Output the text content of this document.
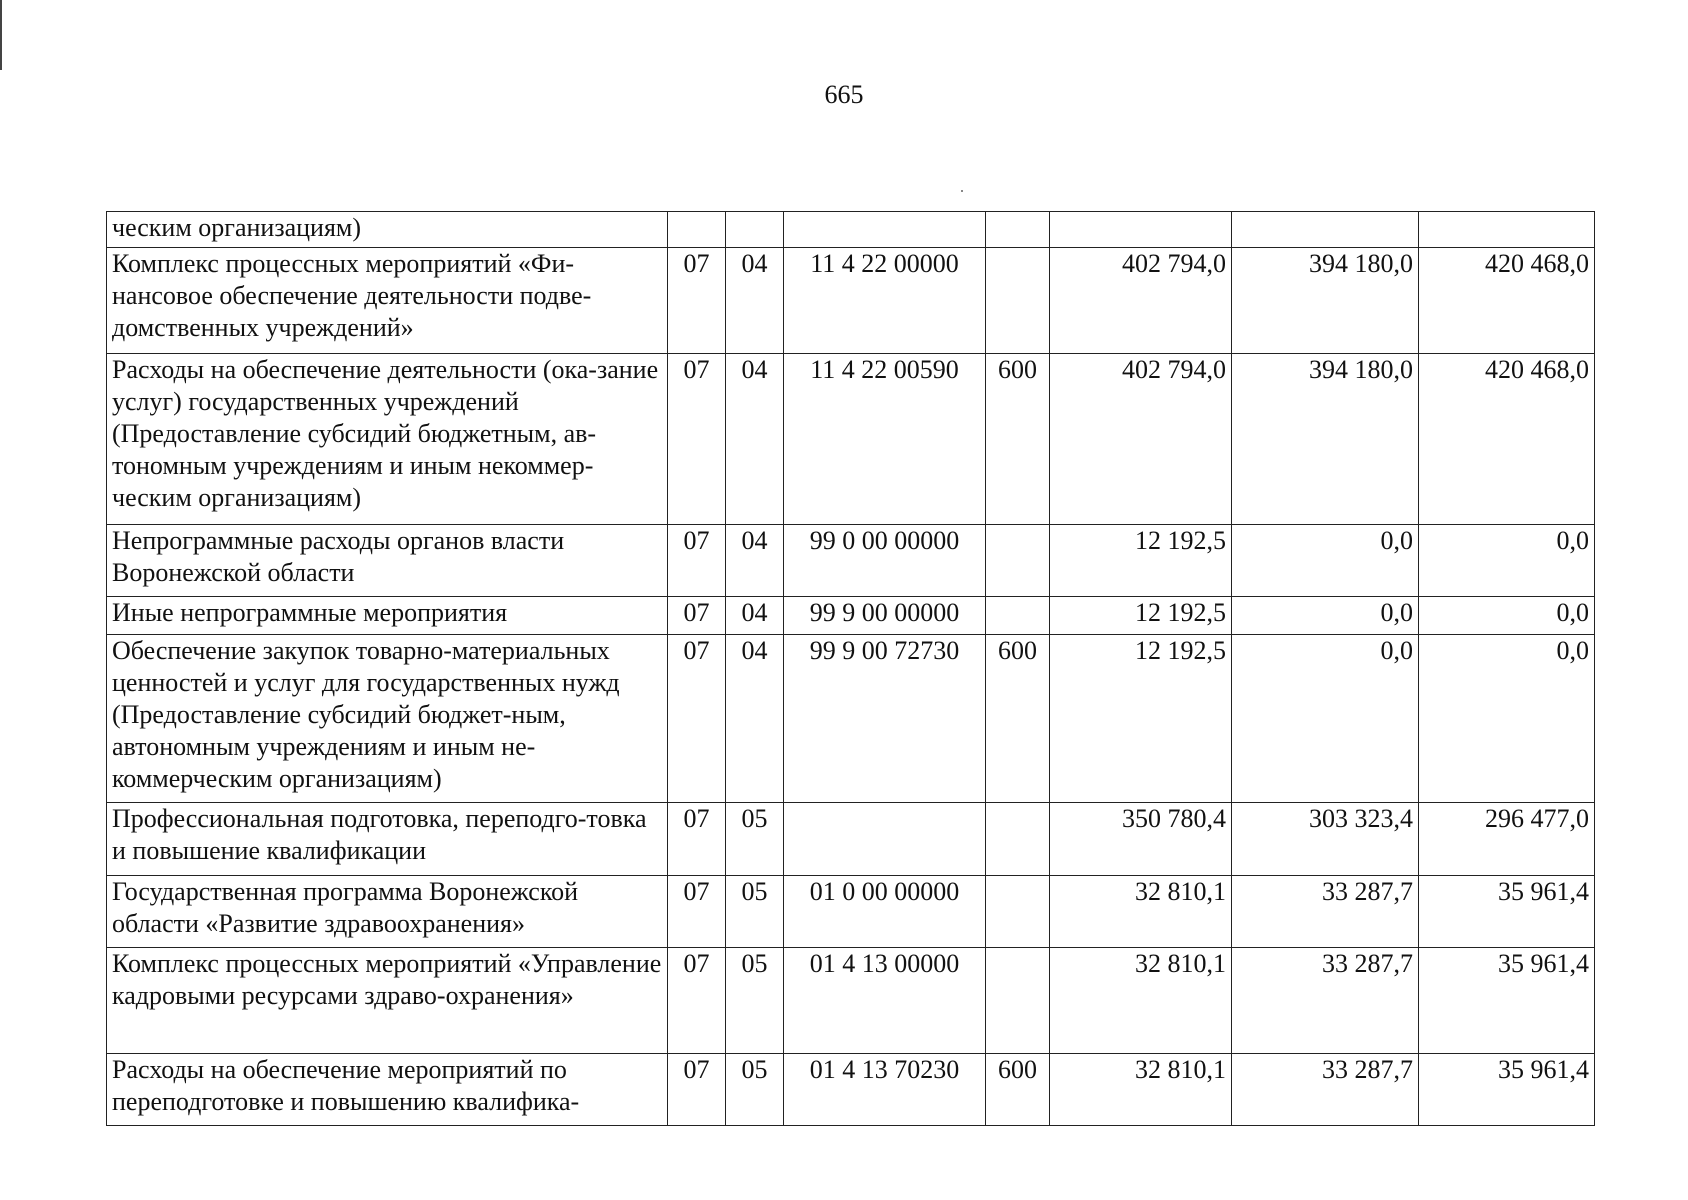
665
ческим организациям)							
Комплекс процессных мероприятий «Фи-нансовое обеспечение деятельности подве-домственных учреждений»	07	04	11 4 22 00000		402 794,0	394 180,0	420 468,0
Расходы на обеспечение деятельности (ока-зание услуг) государственных учреждений (Предоставление субсидий бюджетным, ав-тономным учреждениям и иным некоммер-ческим организациям)	07	04	11 4 22 00590	600	402 794,0	394 180,0	420 468,0
Непрограммные расходы органов власти Воронежской области	07	04	99 0 00 00000		12 192,5	0,0	0,0
Иные непрограммные мероприятия	07	04	99 9 00 00000		12 192,5	0,0	0,0
Обеспечение закупок товарно-материальных ценностей и услуг для государственных нужд (Предоставление субсидий бюджет-ным, автономным учреждениям и иным не-коммерческим организациям)	07	04	99 9 00 72730	600	12 192,5	0,0	0,0
Профессиональная подготовка, переподго-товка и повышение квалификации	07	05			350 780,4	303 323,4	296 477,0
Государственная программа Воронежской области «Развитие здравоохранения»	07	05	01 0 00 00000		32 810,1	33 287,7	35 961,4
Комплекс процессных мероприятий «Управление кадровыми ресурсами здраво-охранения»	07	05	01 4 13 00000		32 810,1	33 287,7	35 961,4
Расходы на обеспечение мероприятий по переподготовке и повышению квалифика-	07	05	01 4 13 70230	600	32 810,1	33 287,7	35 961,4
